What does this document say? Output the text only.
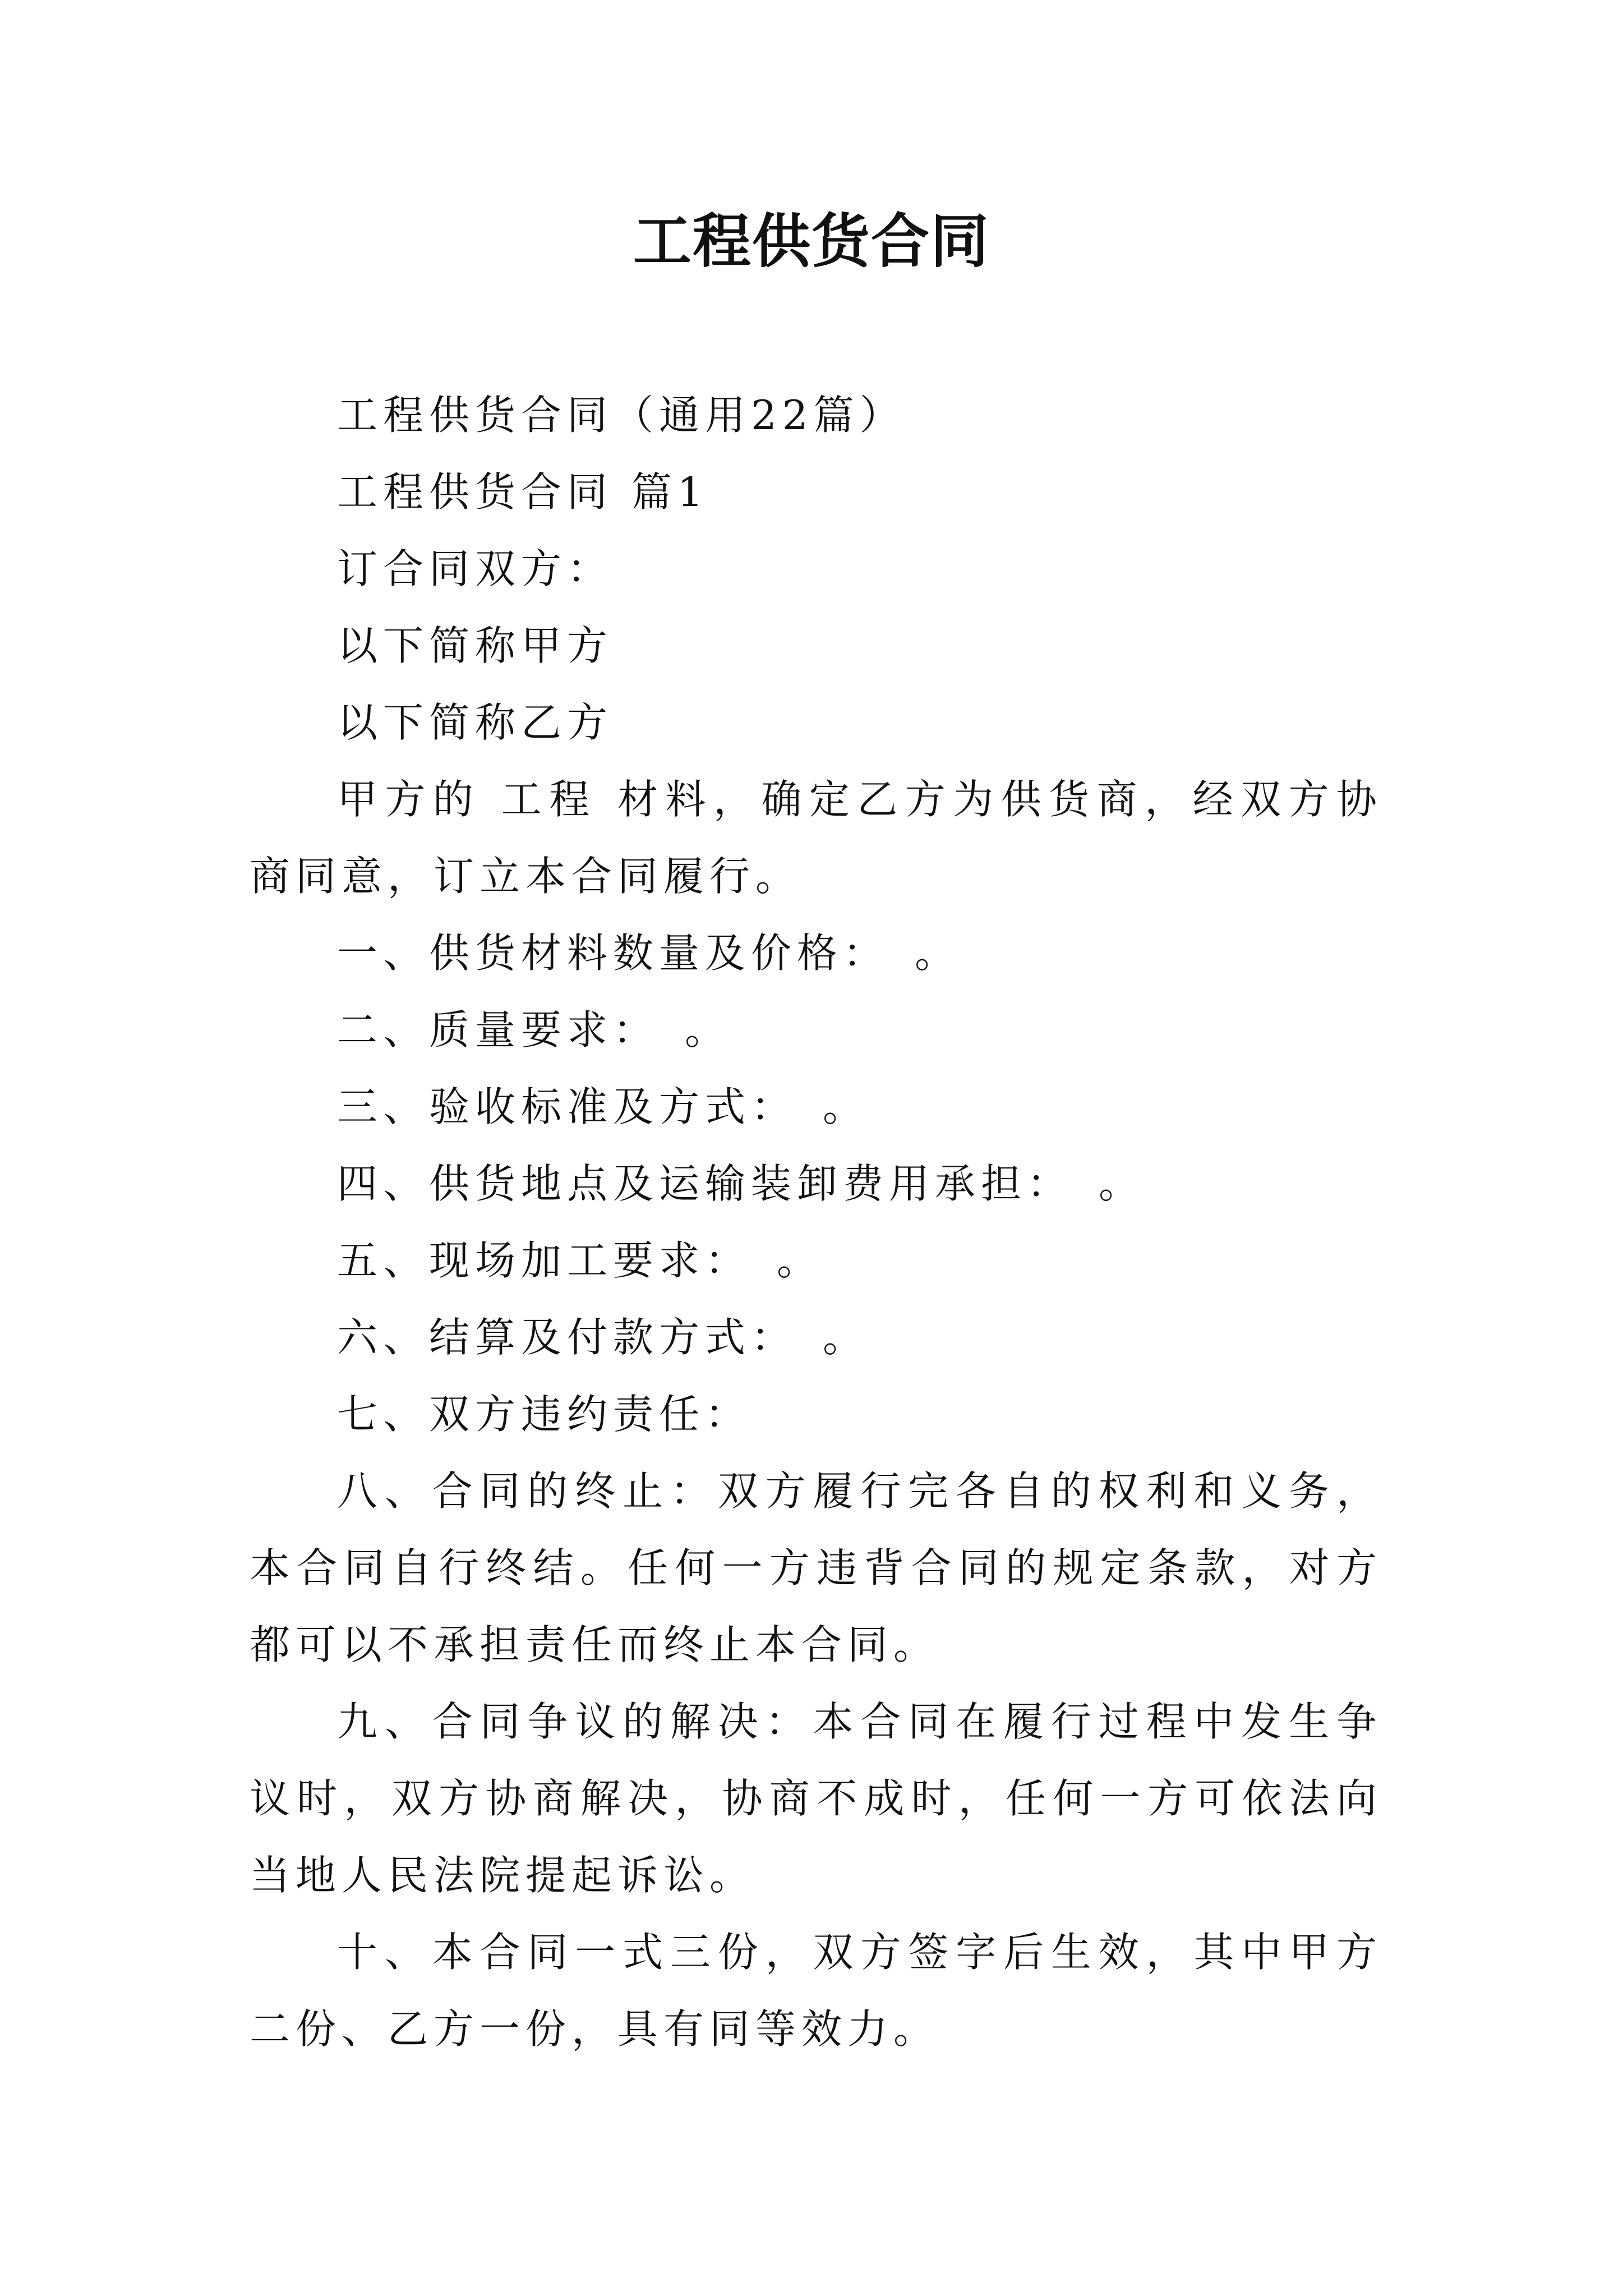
工程供货合同

工程供货合同（通用22篇）

工程供货合同 篇1

订合同双方：

以下简称甲方

以下简称乙方

甲方的 工程 材料，确定乙方为供货商，经双方协商同意，订立本合同履行。

一、供货材料数量及价格：　。

二、质量要求：　。

三、验收标准及方式：　。

四、供货地点及运输装卸费用承担：　。

五、现场加工要求：　。

六、结算及付款方式：　。

七、双方违约责任：

八、合同的终止：双方履行完各自的权利和义务，本合同自行终结。任何一方违背合同的规定条款，对方都可以不承担责任而终止本合同。

九、合同争议的解决：本合同在履行过程中发生争议时，双方协商解决，协商不成时，任何一方可依法向当地人民法院提起诉讼。

十、本合同一式三份，双方签字后生效，其中甲方二份、乙方一份，具有同等效力。
